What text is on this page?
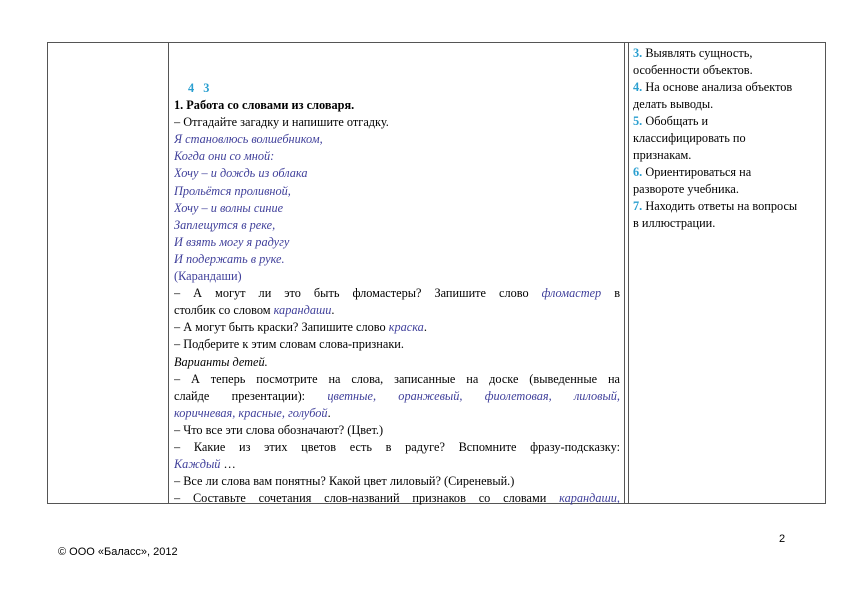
4 3
1. Работа со словами из словаря.
– Отгадайте загадку и напишите отгадку.
Я становлюсь волшебником,
Когда они со мной:
Хочу – и дождь из облака
Прольётся проливной,
Хочу – и волны синие
Заплещутся в реке,
И взять могу я радугу
И подержать в руке.
(Карандаши)
– А могут ли это быть фломастеры? Запишите слово фломастер в
столбик со словом карандаши.
– А могут быть краски? Запишите слово краска.
– Подберите к этим словам слова-признаки.
Варианты детей.
– А теперь посмотрите на слова, записанные на доске (выведенные на
слайде презентации): цветные, оранжевый, фиолетовая, лиловый,
коричневая, красные, голубой.
– Что все эти слова обозначают? (Цвет.)
– Какие из этих цветов есть в радуге? Вспомните фразу-подсказку:
Каждый …
– Все ли слова вам понятны? Какой цвет лиловый? (Сиреневый.)
– Составьте сочетания слов-названий признаков со словами карандаши,
3. Выявлять сущность,
особенности объектов.
4. На основе анализа объектов
делать выводы.
5. Обобщать и
классифицировать по
признакам.
6. Ориентироваться на
развороте учебника.
7. Находить ответы на вопросы
в иллюстрации.
2
© ООО «Баласс», 2012
